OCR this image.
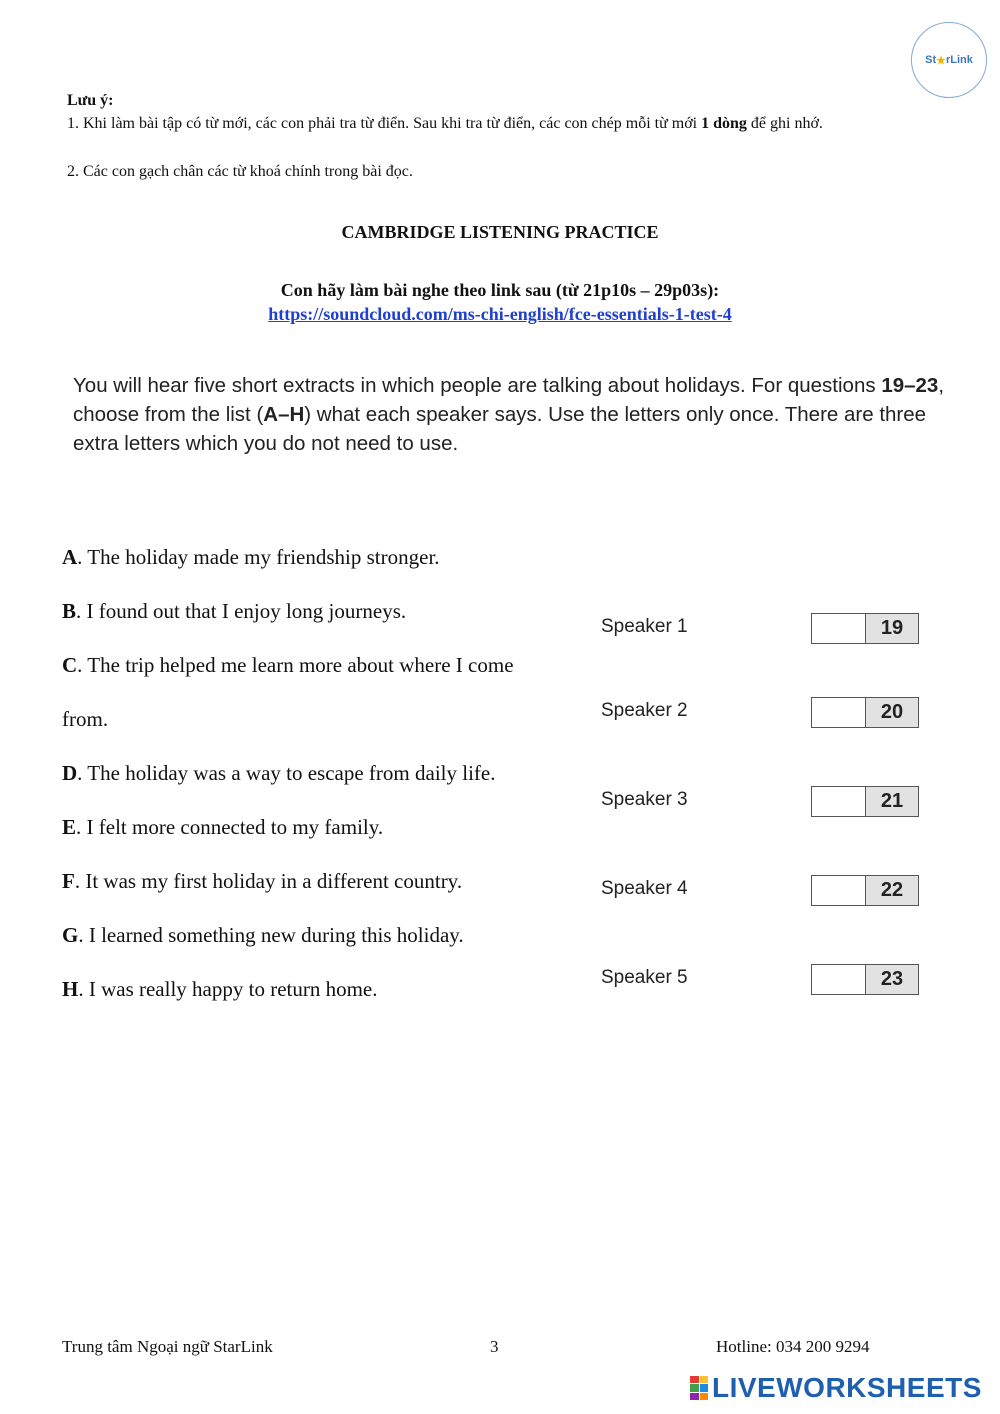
St ★ rLink
Lưu ý:
1. Khi làm bài tập có từ mới, các con phải tra từ điển. Sau khi tra từ điển, các con chép mỗi từ mới 1 dòng để ghi nhớ.
2. Các con gạch chân các từ khoá chính trong bài đọc.
CAMBRIDGE LISTENING PRACTICE
Con hãy làm bài nghe theo link sau (từ 21p10s – 29p03s):
https://soundcloud.com/ms-chi-english/fce-essentials-1-test-4
You will hear five short extracts in which people are talking about holidays. For questions 19–23, choose from the list (A–H) what each speaker says. Use the letters only once. There are three extra letters which you do not need to use.
A. The holiday made my friendship stronger.
B. I found out that I enjoy long journeys.
C. The trip helped me learn more about where I come from.
D. The holiday was a way to escape from daily life.
E. I felt more connected to my family.
F. It was my first holiday in a different country.
G. I learned something new during this holiday.
H. I was really happy to return home.
Speaker 1	19
Speaker 2	20
Speaker 3	21
Speaker 4	22
Speaker 5	23
Trung tâm Ngoại ngữ StarLink	3	Hotline: 034 200 9294
LIVEWORKSHEETS
